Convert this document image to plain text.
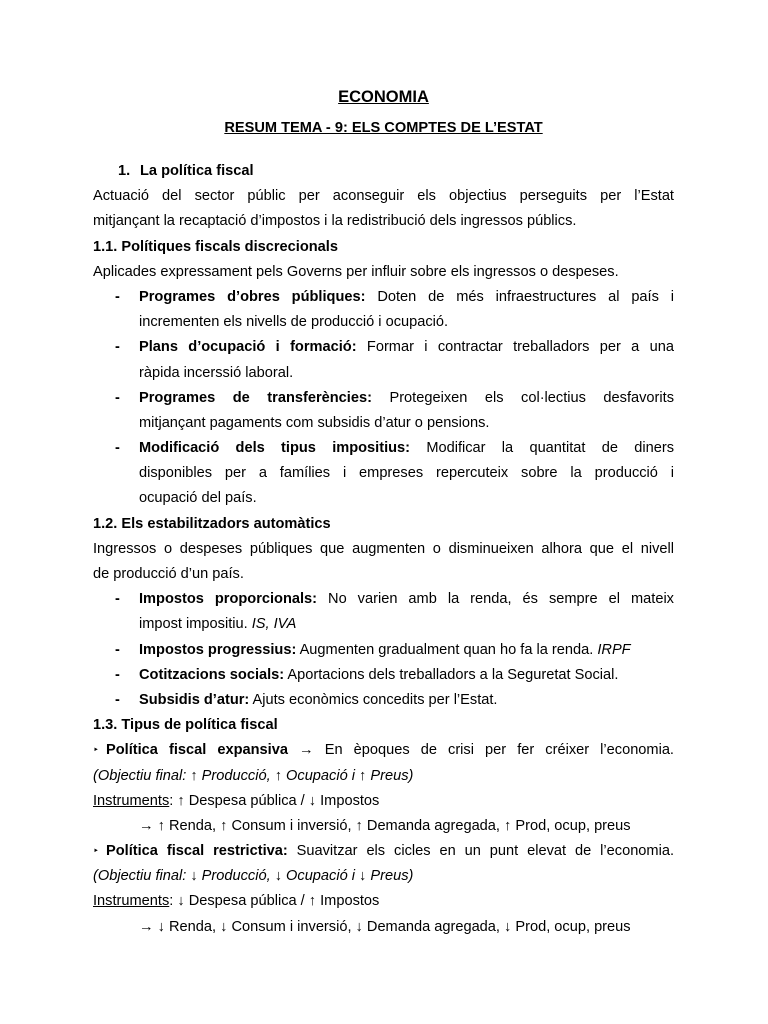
ECONOMIA
RESUM TEMA - 9: ELS COMPTES DE L’ESTAT
1. La política fiscal
Actuació del sector públic per aconseguir els objectius perseguits per l’Estat
mitjançant la recaptació d’impostos i la redistribució dels ingressos públics.
1.1. Polítiques fiscals discrecionals
Aplicades expressament pels Governs per influir sobre els ingressos o despeses.
- Programes d’obres públiques: Doten de més infraestructures al país i
incrementen els nivells de producció i ocupació.
- Plans d’ocupació i formació: Formar i contractar treballadors per a una
ràpida incerssió laboral.
- Programes de transferències: Protegeixen els col·lectius desfavorits
mitjançant pagaments com subsidis d’atur o pensions.
- Modificació dels tipus impositius: Modificar la quantitat de diners
disponibles per a famílies i empreses repercuteix sobre la producció i
ocupació del país.
1.2. Els estabilitzadors automàtics
Ingressos o despeses públiques que augmenten o disminueixen alhora que el nivell
de producció d’un país.
- Impostos proporcionals: No varien amb la renda, és sempre el mateix
impost impositiu. IS, IVA
- Impostos progressius: Augmenten gradualment quan ho fa la renda. IRPF
- Cotitzacions socials: Aportacions dels treballadors a la Seguretat Social.
- Subsidis d’atur: Ajuts econòmics concedits per l’Estat.
1.3. Tipus de política fiscal
‣ Política fiscal expansiva → En èpoques de crisi per fer créixer l’economia.
(Objectiu final: ↑ Producció, ↑ Ocupació i ↑ Preus)
Instruments: ↑ Despesa pública / ↓ Impostos
→ ↑ Renda, ↑ Consum i inversió, ↑ Demanda agregada, ↑ Prod, ocup, preus
‣ Política fiscal restrictiva: Suavitzar els cicles en un punt elevat de l’economia.
(Objectiu final: ↓ Producció, ↓ Ocupació i ↓ Preus)
Instruments: ↓ Despesa pública / ↑ Impostos
→ ↓ Renda, ↓ Consum i inversió, ↓ Demanda agregada, ↓ Prod, ocup, preus
